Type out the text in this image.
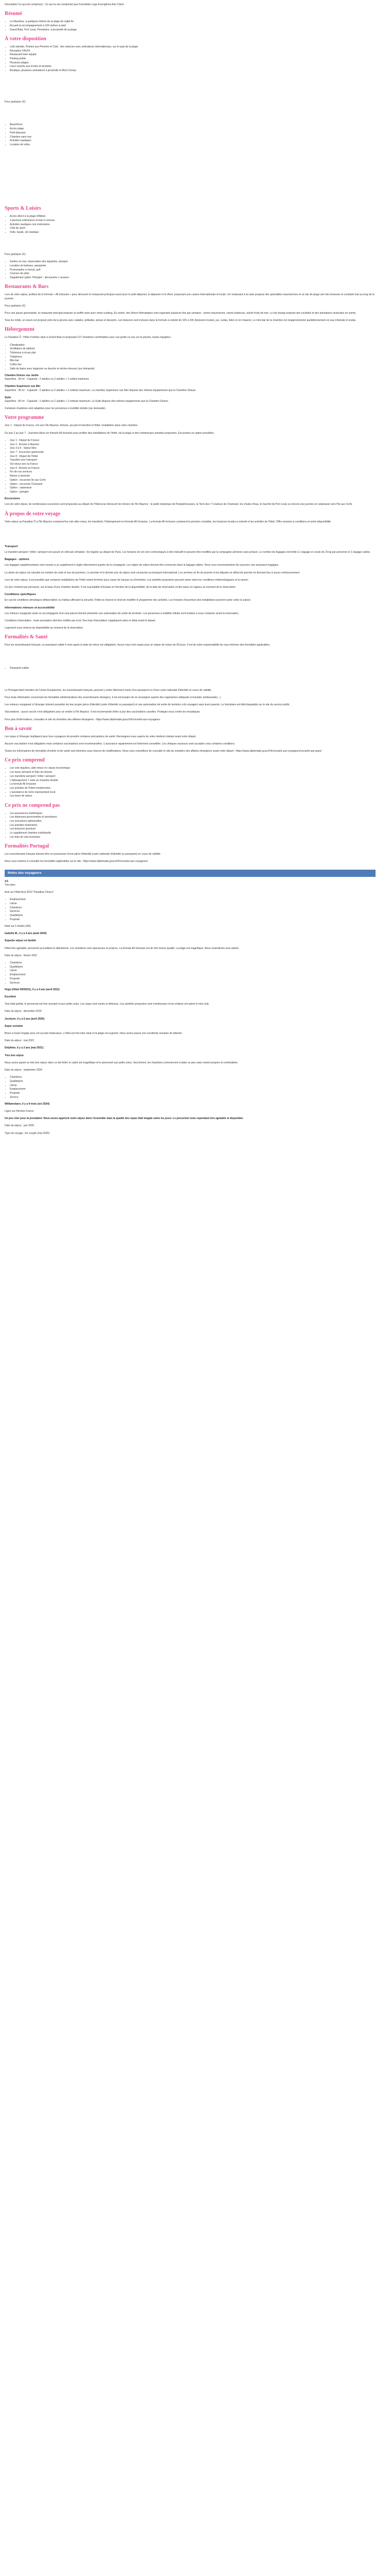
Description Ce qui est compris(e) - Ce qui ne est compris(e) pas Formalités Logo Inscriptions Avis Client

Résumé
• Le Mauritius, à quelques mètres de la plage de sable fin
• Accueil et accompagnement à 150 mètres à pied
• Grand Baie, Port Louis, Pereybère, à proximité de la plage
À votre disposition
• Lodi welodie, Pointes aux Piments et Club - des séances avec animateurs internationaux, sur le quai de la plage
• Réception 24h/24
• Restaurant bien équipé
• Parking public
• Plusieurs plages
• Lieux ouverts aux écoles et touristes
• Boutique, plusieurs animations à proximité et Mont Choisy

Pour participer (€) :

• Beachfront
• Accès plage
• Petit déjeuner
• Chambre sans vue
• Activités nautiques
• Location de vélos
Sports & Loisirs
• Accès direct à la plage d'Albion
• 2 piscines extérieures et bain à remous
• Activités nautiques non motorisées
• Club de sport
• Voile, kayak, ski nautique

Pour participer (€) :

• Sorties en mer, observation des dauphins, plongée
• Location de bateaux, parapente
• Promenades à cheval, golf
• Courses de piste
• Supplément option 'Plongée' : découverte 1 session
Restaurants & Bars

Lors de votre séjour, profitez de la formule « All Inclusive » pour découvrir le restaurant principal ouvert pour le petit déjeuner, le déjeuner et le dîner, proposant une cuisine internationale et locale. Un restaurant à la carte propose des spécialités mauriciennes et un bar de plage sert des boissons et cocktails tout au long de la journée.

Pour participer (€) :

Pour une pause gourmande, le restaurant principal propose un buffet varié avec show-cooking. En soirée, des dîners thématiques sont organisés plusieurs fois par semaine : soirée mauricienne, soirée barbecue, soirée fruits de mer. Le bar lounge propose des cocktails et des animations musicales en soirée.

Tous les midis, un snack est proposé près de la piscine avec salades, grillades, pizzas et desserts. Les boissons sont incluses dans la formule à volonté de 10h à 23h (boissons locales, jus, sodas, bière et vin maison). Le mini-bar de la chambre est réapprovisionné quotidiennement en eau minérale et sodas.

Hébergement

Le Paradise Ô : Hôtel 4 étoiles situé à Grand Baie et proposant 127 chambres confortables avec vue jardin ou vue sur la piscine, toutes équipées :

• Climatisation
• Ventilateur de plafond
• Télévision à écran plat
• Téléphone
• Mini-bar
• Coffre-fort
• Salle de bains avec baignoire ou douche et sèche-cheveux (sur demande)

Chambre Deluxe vue Jardin
Superficie : 30 m² - Capacité : 2 adultes ou 2 adultes + 1 enfant maximum

Chambre Supérieure vue Mer
Superficie : 35 m² - Capacité : 2 adultes ou 2 adultes + 2 enfants maximum. La chambre Supérieure vue Mer dispose des mêmes équipements que la Chambre Deluxe.

Suite
Superficie : 65 m² - Capacité : 2 adultes ou 2 adultes + 2 enfants maximum. La Suite dispose des mêmes équipements que la Chambre Deluxe.

Certaines chambres sont adaptées pour les personnes à mobilité réduite (sur demande).

Votre programme

Jour 1 : Départ de France, vol vers l'île Maurice. Arrivée, accueil et transfert à l'hôtel. Installation dans votre chambre.

Du jour 2 au jour 7 : Journées libres en formule All Inclusive pour profiter des installations de l'hôtel, de la plage et des nombreuses activités proposées. Excursions en option possibles.

• Jour 1 : Départ de France
• Jour 2 : Arrivée à Maurice
• Jour 3 à 6 : Séjour libre
• Jour 7 : Excursion optionnelle
• Jour 8 : Départ de l'hôtel
• Transfert vers l'aéroport
• Vol retour vers la France
• Jour 9 : Arrivée en France
• Fin de nos services
• Retour à domicile
• Option : excursion île aux Cerfs
• Option : excursion Chamarel
• Option : catamaran
• Option : plongée
Excursions

Lors de votre séjour, de nombreuses excursions sont proposées au départ de l'hôtel pour découvrir les trésors de l'île Maurice : le jardin botanique de Pamplemousses, la Terre des 7 Couleurs de Chamarel, les chutes d'eau, le marché de Port Louis ou encore une journée en catamaran vers l'île aux Cerfs.

À propos de votre voyage

Votre séjour au Paradise Ô à l'île Maurice comprend les vols aller-retour, les transferts, l'hébergement en formule All Inclusive. La formule All Inclusive comprend la pension complète, les boissons locales à volonté et les activités de l'hôtel. Offre soumise à conditions et selon disponibilité.

Transport

Le transfert aéroport / hôtel / aéroport est assuré en véhicule climatisé. Vol régulier au départ de Paris. Les horaires de vol sont communiqués à titre indicatif et peuvent être modifiés par la compagnie aérienne sans préavis. Le nombre de bagages est limité à 1 bagage en soute de 23 kg par personne et 1 bagage cabine.

Bagages - options

Les bagages supplémentaires sont soumis à un supplément à régler directement auprès de la compagnie. Les objets de valeur doivent être conservés dans le bagage cabine. Nous vous recommandons de souscrire une assurance bagages.

La durée du séjour est calculée en nombre de nuits et non de journées. Le premier et le dernier jour du séjour sont consacrés au transport international. Les arrivées en fin de journée et les départs en début de journée ne donnent lieu à aucun remboursement.

Lors de votre séjour, il est possible que certaines installations de l'hôtel soient fermées pour cause de travaux ou d'entretien. Les activités proposées peuvent varier selon les conditions météorologiques et la saison.

Ce prix s'entend par personne, sur la base d'une chambre double. Il est susceptible d'évoluer en fonction de la disponibilité, de la date de réservation et des taxes en vigueur au moment de la réservation.

Conditions spécifiques

En cas de conditions climatiques défavorables ou d'aléas affectant la sécurité, l'hôtel se réserve le droit de modifier le programme des activités. Les horaires d'ouverture des installations peuvent varier selon la saison.

Informations mineurs et accessibilité

Les mineurs voyageant seuls ou accompagnés d'un seul parent doivent présenter une autorisation de sortie de territoire. Les personnes à mobilité réduite sont invitées à nous contacter avant la réservation.

Conditions d'annulation : toute annulation doit être notifiée par écrit. Des frais d'annulation s'appliquent selon le délai avant le départ.

Logement sous réserve de disponibilité au moment de la réservation.

Formalités & Santé

Pour les ressortissants français, un passeport valide 6 mois après la date de retour est obligatoire. Aucun visa n'est requis pour un séjour de moins de 90 jours. Il est de votre responsabilité de vous informer des formalités applicables.

• Passeport valide

Le Portugal étant membre de l'Union Européenne, les ressortissants français, peuvent y entrer librement munis d'un passeport ou d'une carte nationale d'identité en cours de validité.

Pour toute information concernant les formalités administratives des ressortissants étrangers, il est nécessaire de se renseigner auprès des organismes adéquats (consulats, ambassades...).

Les mineurs voyageant à l'étranger doivent posséder de leur propre pièce d'identité (carte d'identité ou passeport) et une autorisation de sortie de territoire si ils voyagent sans leurs parents. Le formulaire est téléchargeable sur le site du service public.

Vaccinations : aucun vaccin n'est obligatoire pour se rendre à l'île Maurice. Il est recommandé d'être à jour des vaccinations usuelles. Protégez-vous contre les moustiques.

Pour plus d'informations, consultez le site du ministère des affaires étrangères : https://www.diplomatie.gouv.fr/fr/conseils-aux-voyageurs

Bon à savoir

Les repas à l'étranger impliquent pour tous voyageurs de prendre certaines précautions de santé. Renseignez-vous auprès de votre médecin traitant avant votre départ.

Aucune vaccination n'est obligatoire mais certaines vaccinations sont recommandées. L'assurance rapatriement est fortement conseillée. Les chèques vacances sont acceptés sous certaines conditions.

Toutes les informations de formalités d'entrée et de santé sont données sous réserve de modifications. Nous vous conseillons de consulter le site du ministère des affaires étrangères avant votre départ : https://www.diplomatie.gouv.fr/fr/conseils-aux-voyageurs/conseils-par-pays/

Ce prix comprend
• Les vols réguliers, aller-retour en classe économique
• Les taxes aéroport et frais de dossier
• Les transferts aéroport / hôtel / aéroport
• L'hébergement 7 nuits en chambre double
• La formule All Inclusive
• Les activités de l'hôtel mentionnées
• L'assistance de notre représentant local
• Les taxes de séjour
Ce prix ne comprend pas
• Les assurances multirisques
• Les dépenses personnelles et pourboires
• Les excursions optionnelles
• Les activités motorisées
• Les boissons premium
• Le supplément chambre individuelle
• Les frais de visa éventuels
Formalités Portugal

Les ressortissants français doivent être en possession d'une pièce d'identité (carte nationale d'identité ou passeport) en cours de validité.

Nous vous invitons à consulter les formalités applicables sur le site : https://www.diplomatie.gouv.fr/fr/conseils-aux-voyageurs/

Notes des voyageurs

4.5
Très bien

Avis sur Hôtel Avis 2019 "Paradise Choice"

• Emplacement
• Literie
• Chambres
• Services
• Qualité/prix
• Propreté

Noté sur 5 étoiles (4/5)

Isabelle M., il y a 4 ans (août 2020)

Superbe séjour en famille

Hôtel très agréable, personnel accueillant et attentionné. Les chambres sont spacieuses et propres. La formule All Inclusive est de très bonne qualité. La plage est magnifique. Nous reviendrons avec plaisir.

Date du séjour : février 2021

• Chambres
• Qualité/prix
• Literie
• Emplacement
• Propreté
• Services

Hugo (Hôtel 05/05/21), il y a 4 ans (avril 2021)

Excellent

Tout était parfait, le personnel est très souriant et aux petits soins. Les repas sont variés et délicieux. Les activités proposées sont nombreuses et les enfants ont adoré le mini club.

Date du séjour : décembre 2019

Jocelyne, il y a 5 ans (avril 2020)

Super semaine

Bravo à toute l'équipe pour cet accueil chaleureux. L'hôtel est très bien situé et la plage est superbe. Nous avons passé une excellente semaine de détente.

Date du séjour : mai 2021

Delphine, il y a 3 ans (mai 2021)

Très bon séjour

Nous avons passé un très bon séjour dans ce bel hôtel, le cadre est magnifique et le personnel aux petits soins. Seul bémol, les chambres commencent à dater un peu mais restent propres et confortables.

Date du séjour : septembre 2024

• Chambres
• Qualité/prix
• Literie
• Emplacement
• Propreté
• Service

Williamsbaro, il y a 9 mois (oct 2024)

Ligne sur Hermès France

Un peu cher pour la prestation. Nous avons apprécié notre séjour dans l'ensemble mais la qualité des repas était inégale selon les jours. Le personnel reste cependant très agréable et disponible.

Date du séjour : juin 2025

Type de voyage : En couple (mai 2025)
